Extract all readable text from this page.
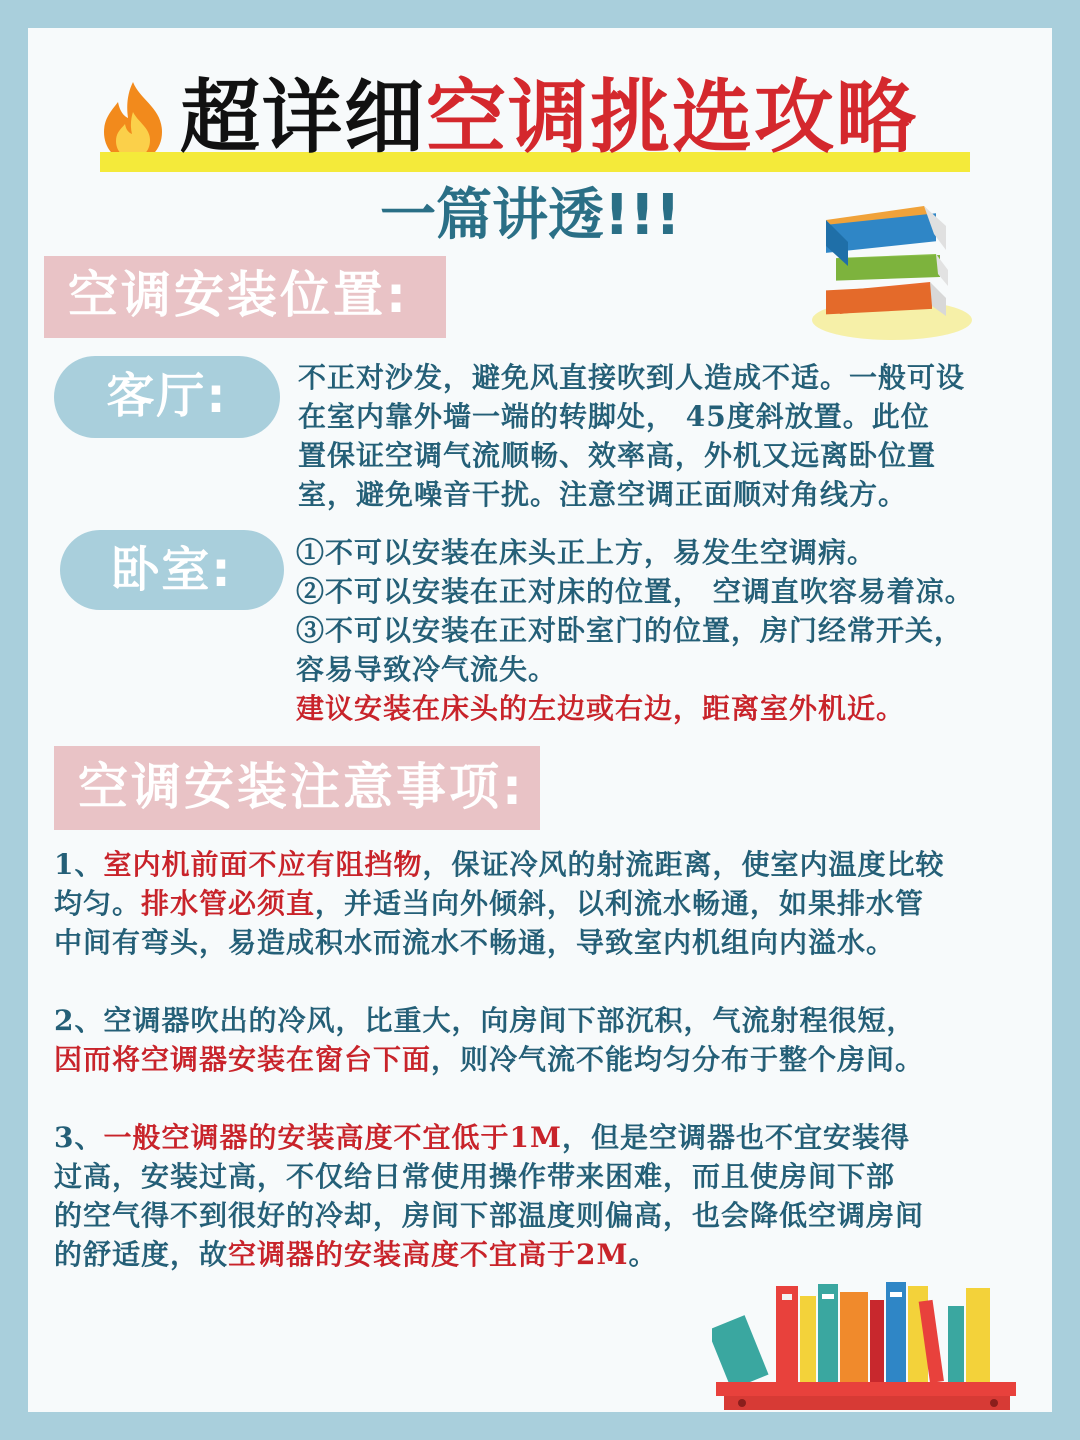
超详细空调挑选攻略
一篇讲透!!!
空调安装位置:
客厅:	不正对沙发，避免风直接吹到人造成不适。一般可设
在室内靠外墙一端的转脚处， 45度斜放置。此位
置保证空调气流顺畅、效率高，外机又远离卧位置
室，避免噪音干扰。注意空调正面顺对角线方。
卧室:	①不可以安装在床头正上方，易发生空调病。
②不可以安装在正对床的位置， 空调直吹容易着凉。
③不可以安装在正对卧室门的位置，房门经常开关，
容易导致冷气流失。
建议安装在床头的左边或右边，距离室外机近。
空调安装注意事项:
1、室内机前面不应有阻挡物，保证冷风的射流距离，使室内温度比较
均匀。排水管必须直，并适当向外倾斜，以利流水畅通，如果排水管
中间有弯头，易造成积水而流水不畅通，导致室内机组向内溢水。
2、空调器吹出的冷风，比重大，向房间下部沉积，气流射程很短，
因而将空调器安装在窗台下面，则冷气流不能均匀分布于整个房间。
3、一般空调器的安装高度不宜低于1M，但是空调器也不宜安装得
过高，安装过高，不仅给日常使用操作带来困难，而且使房间下部
的空气得不到很好的冷却，房间下部温度则偏高，也会降低空调房间
的舒适度，故空调器的安装高度不宜高于2M。
